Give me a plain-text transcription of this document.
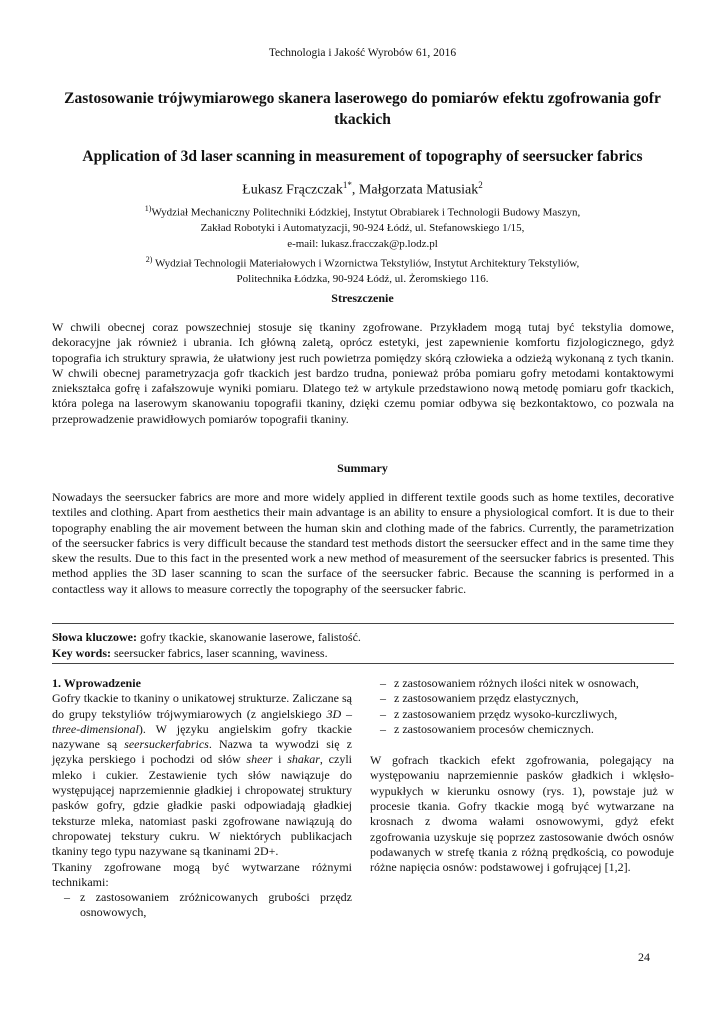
Technologia i Jakość Wyrobów 61, 2016
Zastosowanie trójwymiarowego skanera laserowego do pomiarów efektu zgofrowania gofr tkackich
Application of 3d laser scanning in measurement of topography of seersucker fabrics
Łukasz Frączczak$^{1*}$, Małgorzata Matusiak$^2$
$^{1)}$Wydział Mechaniczny Politechniki Łódzkiej, Instytut Obrabiarek i Technologii Budowy Maszyn,
Zakład Robotyki i Automatyzacji, 90-924 Łódź, ul. Stefanowskiego 1/15,
e-mail: lukasz.fracczak@p.lodz.pl
$^{2)}$ Wydział Technologii Materiałowych i Wzornictwa Tekstyliów, Instytut Architektury Tekstyliów,
Politechnika Łódzka, 90-924 Łódź, ul. Żeromskiego 116.
Streszczenie

W chwili obecnej coraz powszechniej stosuje się tkaniny zgofrowane. Przykładem mogą tutaj być tekstylia domowe, dekoracyjne jak również i ubrania. Ich główną zaletą, oprócz estetyki, jest zapewnienie komfortu fizjologicznego, gdyż topografia ich struktury sprawia, że ułatwiony jest ruch powietrza pomiędzy skórą człowieka a odzieżą wykonaną z tych tkanin. W chwili obecnej parametryzacja gofr tkackich jest bardzo trudna, ponieważ próba pomiaru gofry metodami kontaktowymi zniekształca gofrę i zafałszowuje wyniki pomiaru. Dlatego też w artykule przedstawiono nową metodę pomiaru gofr tkackich, która polega na laserowym skanowaniu topografii tkaniny, dzięki czemu pomiar odbywa się bezkontaktowo, co pozwala na przeprowadzenie prawidłowych pomiarów topografii tkaniny.

Summary

Nowadays the seersucker fabrics are more and more widely applied in different textile goods such as home textiles, decorative textiles and clothing. Apart from aesthetics their main advantage is an ability to ensure a physiological comfort. It is due to their topography enabling the air movement between the human skin and clothing made of the fabrics. Currently, the parametrization of the seersucker fabrics is very difficult because the standard test methods distort the seersucker effect and in the same time they skew the results. Due to this fact in the presented work a new method of measurement of the seersucker fabrics is presented. This method applies the 3D laser scanning to scan the surface of the seersucker fabric. Because the scanning is performed in a contactless way it allows to measure correctly the topography of the seersucker fabric.

Słowa kluczowe: gofry tkackie, skanowanie laserowe, falistość.
Key words: seersucker fabrics, laser scanning, waviness.
1. Wprowadzenie

Gofry tkackie to tkaniny o unikatowej strukturze. Zaliczane są do grupy tekstyliów trójwymiarowych (z angielskiego 3D –three-dimensional). W języku angielskim gofry tkackie nazywane są seersuckerfabrics. Nazwa ta wywodzi się z języka perskiego i pochodzi od słów sheer i shakar, czyli mleko i cukier. Zestawienie tych słów nawiązuje do występującej naprzemiennie gładkiej i chropowatej struktury pasków gofry, gdzie gładkie paski odpowiadają gładkiej teksturze mleka, natomiast paski zgofrowane nawiązują do chropowatej tekstury cukru. W niektórych publikacjach tkaniny tego typu nazywane są tkaninami 2D+.

Tkaniny zgofrowane mogą być wytwarzane różnymi technikami:

– z zastosowaniem zróżnicowanych grubości przędz osnowowych,
– z zastosowaniem różnych ilości nitek w osnowach,
– z zastosowaniem przędz elastycznych,
– z zastosowaniem przędz wysoko-kurczliwych,
– z zastosowaniem procesów chemicznych.

W gofrach tkackich efekt zgofrowania, polegający na występowaniu naprzemiennie pasków gładkich i wklęsło-wypukłych w kierunku osnowy (rys. 1), powstaje już w procesie tkania. Gofry tkackie mogą być wytwarzane na krosnach z dwoma wałami osnowowymi, gdyż efekt zgofrowania uzyskuje się poprzez zastosowanie dwóch osnów podawanych w strefę tkania z różną prędkością, co powoduje różne napięcia osnów: podstawowej i gofrującej [1,2].

24
